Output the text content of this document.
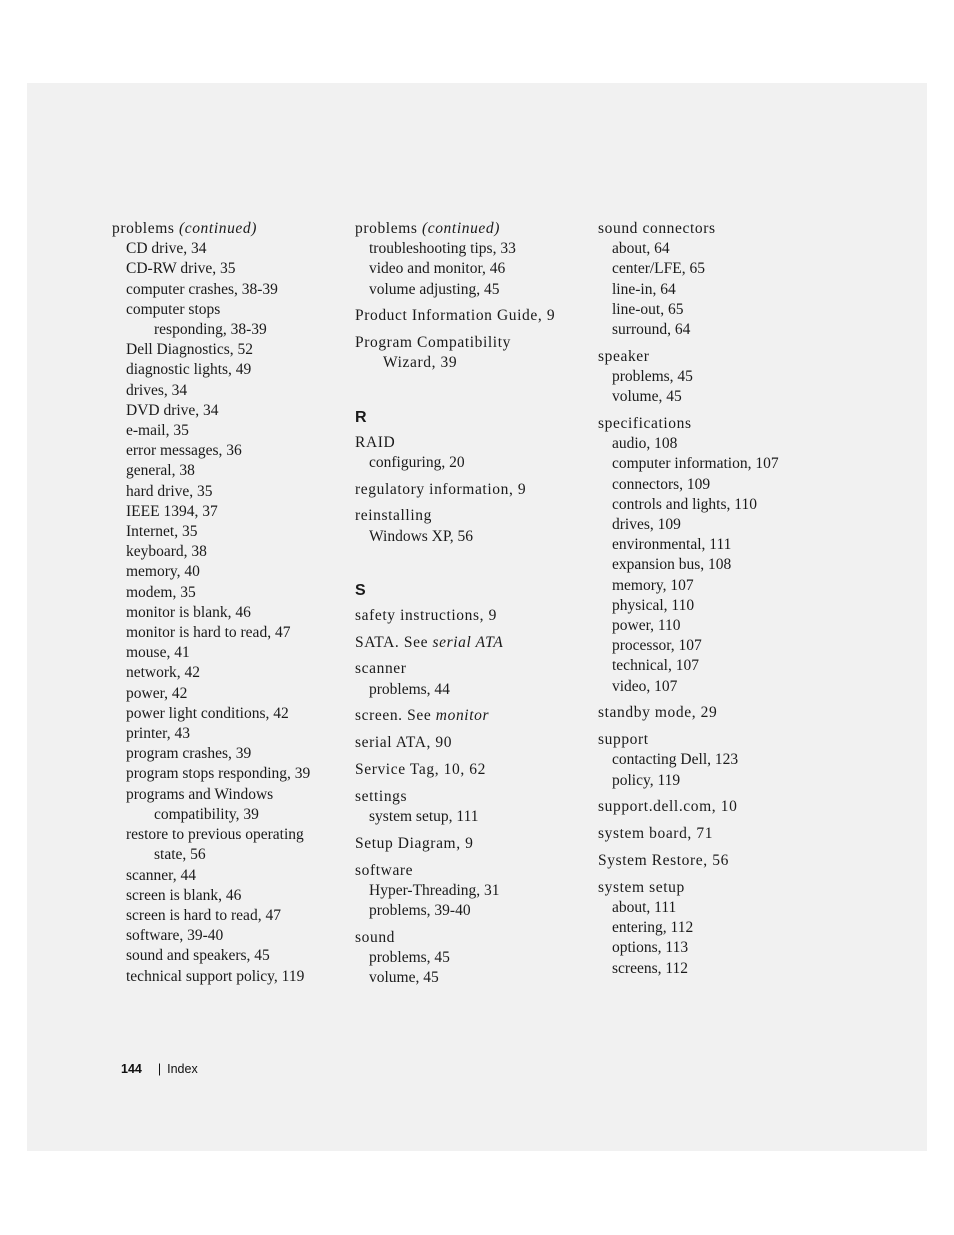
problems (continued)
CD drive, 34
CD-RW drive, 35
computer crashes, 38-39
computer stops
responding, 38-39
Dell Diagnostics, 52
diagnostic lights, 49
drives, 34
DVD drive, 34
e-mail, 35
error messages, 36
general, 38
hard drive, 35
IEEE 1394, 37
Internet, 35
keyboard, 38
memory, 40
modem, 35
monitor is blank, 46
monitor is hard to read, 47
mouse, 41
network, 42
power, 42
power light conditions, 42
printer, 43
program crashes, 39
program stops responding, 39
programs and Windows
compatibility, 39
restore to previous operating
state, 56
scanner, 44
screen is blank, 46
screen is hard to read, 47
software, 39-40
sound and speakers, 45
technical support policy, 119
problems (continued)
troubleshooting tips, 33
video and monitor, 46
volume adjusting, 45
Product Information Guide, 9
Program Compatibility
Wizard, 39
R
RAID
configuring, 20
regulatory information, 9
reinstalling
Windows XP, 56
S
safety instructions, 9
SATA. See serial ATA
scanner
problems, 44
screen. See monitor
serial ATA, 90
Service Tag, 10, 62
settings
system setup, 111
Setup Diagram, 9
software
Hyper-Threading, 31
problems, 39-40
sound
problems, 45
volume, 45
sound connectors
about, 64
center/LFE, 65
line-in, 64
line-out, 65
surround, 64
speaker
problems, 45
volume, 45
specifications
audio, 108
computer information, 107
connectors, 109
controls and lights, 110
drives, 109
environmental, 111
expansion bus, 108
memory, 107
physical, 110
power, 110
processor, 107
technical, 107
video, 107
standby mode, 29
support
contacting Dell, 123
policy, 119
support.dell.com, 10
system board, 71
System Restore, 56
system setup
about, 111
entering, 112
options, 113
screens, 112
144 | Index
